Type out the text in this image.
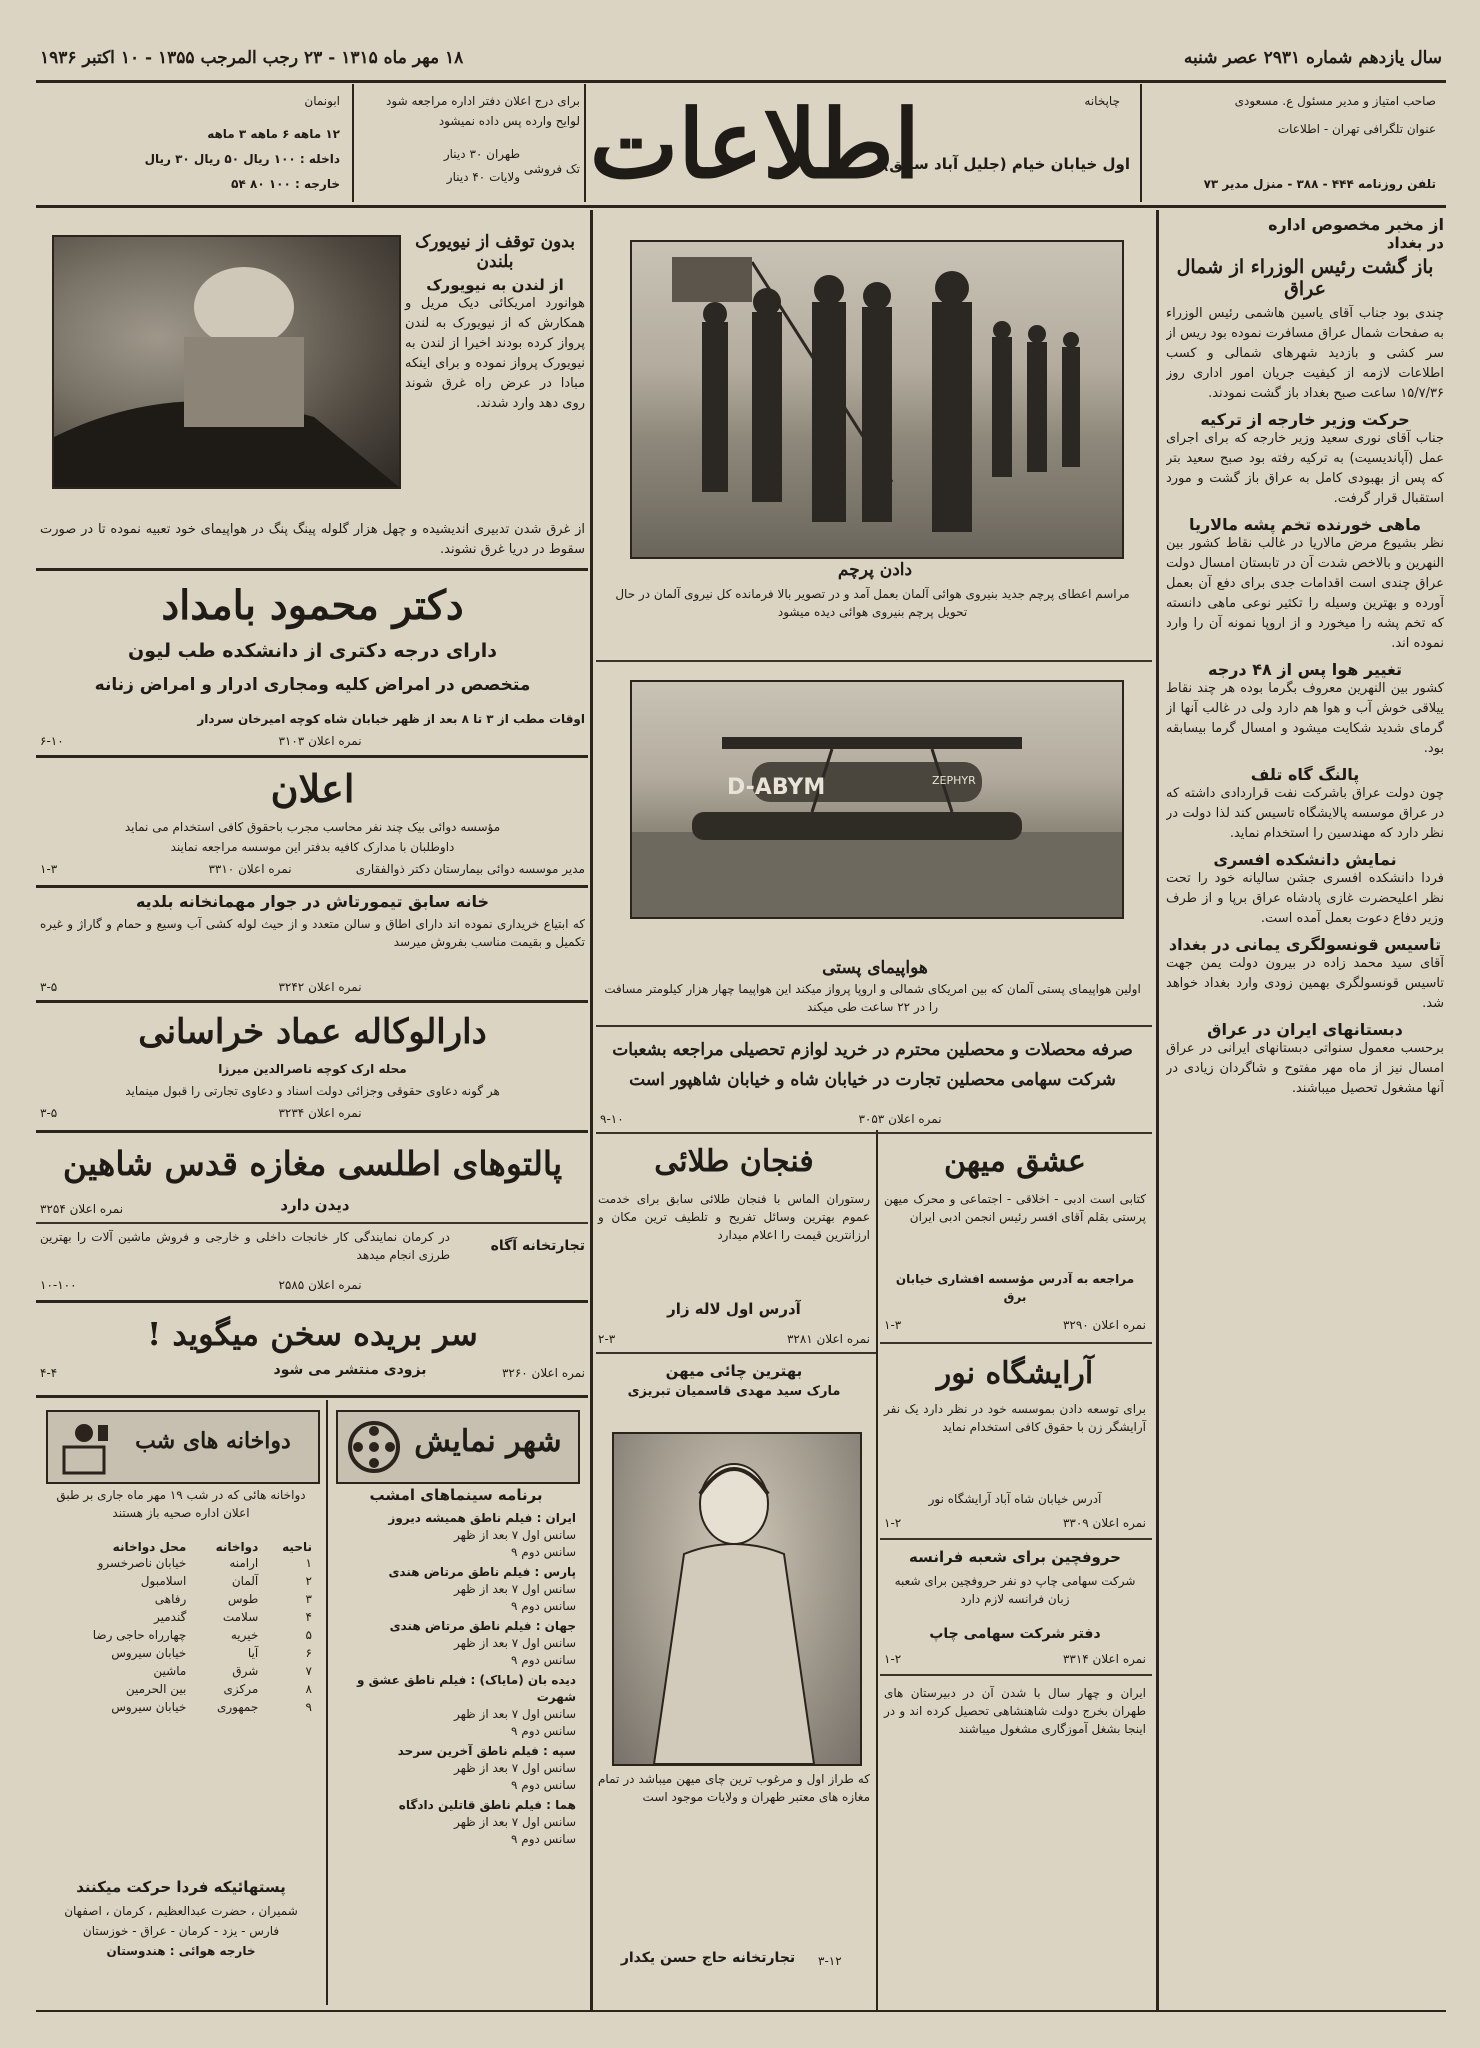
۱۸ مهر ماه ۱۳۱۵ - ۲۳ رجب المرجب ۱۳۵۵ - ۱۰ اکتبر ۱۹۳۶	سال یازدهم شماره ۲۹۳۱ عصر شنبه
صاحب امتیاز و مدیر مسئول ع. مسعودی
عنوان تلگرافی تهران - اطلاعات
تلفن روزنامه ۴۴۴ - ۳۸۸ - منزل مدیر ۷۳
چاپخانه
اطلاعات
اول خیابان خیام (جلیل آباد سابق)
برای درج اعلان دفتر اداره مراجعه شود
لوایح وارده پس داده نمیشود
تک فروشی
طهران ۳۰ دینار
ولایات ۴۰ دینار
ابونمان
۱۲ ماهه ۶ ماهه ۳ ماهه
داخله : ۱۰۰ ریال ۵۰ ریال ۳۰ ریال
خارجه : ۱۰۰ ۸۰ ۵۴
از مخبر مخصوص اداره
در بغداد
باز گشت رئیس الوزراء از شمال عراق
چندی بود جناب آقای یاسین هاشمی رئیس الوزراء به صفحات شمال عراق مسافرت نموده بود ریس از سر کشی و بازدید شهرهای شمالی و کسب اطلاعات لازمه از کیفیت جریان امور اداری روز ۱۵/۷/۳۶ ساعت صبح بغداد باز گشت نمودند.
حرکت وزیر خارجه از ترکیه
جناب آقای نوری سعید وزیر خارجه که برای اجرای عمل (آپاندیسیت) به ترکیه رفته بود صبح سعید بتر که پس از بهبودی کامل به عراق باز گشت و مورد استقبال قرار گرفت.
ماهی خورنده تخم پشه مالاریا
نظر بشیوع مرض مالاریا در غالب نقاط کشور بین النهرین و بالاخص شدت آن در تابستان امسال دولت عراق چندی است اقدامات جدی برای دفع آن بعمل آورده و بهترین وسیله را تکثیر نوعی ماهی دانسته که تخم پشه را میخورد و از اروپا نمونه آن را وارد نموده اند.
تغییر هوا پس از ۴۸ درجه
کشور بین النهرین معروف بگرما بوده هر چند نقاط ییلاقی خوش آب و هوا هم دارد ولی در غالب آنها از گرمای شدید شکایت میشود و امسال گرما بیسابقه بود.
پالنگ گاه تلف
چون دولت عراق باشرکت نفت قراردادی داشته که در عراق موسسه پالایشگاه تاسیس کند لذا دولت در نظر دارد که مهندسین را استخدام نماید.
نمایش دانشکده افسری
فردا دانشکده افسری جشن سالیانه خود را تحت نظر اعلیحضرت غازی پادشاه عراق برپا و از طرف وزیر دفاع دعوت بعمل آمده است.
تاسیس قونسولگری یمانی در بغداد
آقای سید محمد زاده در بیرون دولت یمن جهت تاسیس قونسولگری بهمین زودی وارد بغداد خواهد شد.
دبستانهای ایران در عراق
برحسب معمول سنواتی دبستانهای ایرانی در عراق امسال نیز از ماه مهر مفتوح و شاگردان زیادی در آنها مشغول تحصیل میباشند.
دادن پرچم
مراسم اعطای پرچم جدید بنیروی هوائی آلمان بعمل آمد و در تصویر بالا فرمانده کل نیروی آلمان در حال تحویل پرچم بنیروی هوائی دیده میشود
D-ABYM	ZEPHYR
هواپیمای پستی
اولین هواپیمای پستی آلمان که بین امریکای شمالی و اروپا پرواز میکند این هواپیما چهار هزار کیلومتر مسافت را در ۲۲ ساعت طی میکند
صرفه محصلات و محصلین محترم در خرید لوازم تحصیلی مراجعه بشعبات شرکت سهامی محصلین تجارت در خیابان شاه و خیابان شاهپور است
نمره اعلان ۳۰۵۳
۹-۱۰
بدون توقف از نیویورک بلندن
از لندن به نیویورک
هوانورد امریکائی دیک مریل و همکارش که از نیویورک به لندن پرواز کرده بودند اخیرا از لندن به نیویورک پرواز نموده و برای اینکه مبادا در عرض راه غرق شوند روی دهد وارد شدند.
از غرق شدن تدبیری اندیشیده و چهل هزار گلوله پینگ پنگ در هواپیمای خود تعبیه نموده تا در صورت سقوط در دریا غرق نشوند.
دکتر محمود بامداد
دارای درجه دکتری از دانشکده طب لیون
متخصص در امراض کلیه ومجاری ادرار و امراض زنانه
اوقات مطب از ۳ تا ۸ بعد از ظهر خیابان شاه کوچه امیرخان سردار
نمره اعلان ۳۱۰۳
۶-۱۰
اعلان
مؤسسه دوائی بیک چند نفر محاسب مجرب باحقوق کافی استخدام می نماید
داوطلبان با مدارک کافیه بدفتر این موسسه مراجعه نمایند
مدیر موسسه دوائی بیمارستان دکتر ذوالفقاری
نمره اعلان ۳۳۱۰
۱-۳
خانه سابق تیمورتاش در جوار مهمانخانه بلدیه
که ابتیاع خریداری نموده اند دارای اطاق و سالن متعدد و از حیث لوله کشی آب وسیع و حمام و گاراژ و غیره تکمیل و بقیمت مناسب بفروش میرسد
نمره اعلان ۳۲۴۲
۳-۵
دارالوکاله عماد خراسانی
محله ارک کوچه ناصرالدین میرزا
هر گونه دعاوی حقوقی وجزائی دولت اسناد و دعاوی تجارتی را قبول مینماید
نمره اعلان ۳۲۳۴
۳-۵
پالتوهای اطلسی مغازه قدس شاهین
دیدن دارد
نمره اعلان ۳۲۵۴
تجارتخانه آگاه
در کرمان نمایندگی کار خانجات داخلی و خارجی و فروش ماشین آلات را بهترین طرزی انجام میدهد
نمره اعلان ۲۵۸۵
۱۰-۱۰۰
سر بریده سخن میگوید !
بزودی منتشر می شود	نمره اعلان ۳۲۶۰
۴-۴
شهر نمایش
برنامه سینماهای امشب
ایران : فیلم ناطق همیشه دیروز
سانس اول ۷ بعد از ظهر
سانس دوم ۹
پارس : فیلم ناطق مرتاض هندی
سانس اول ۷ بعد از ظهر
سانس دوم ۹
جهان : فیلم ناطق مرتاض هندی
سانس اول ۷ بعد از ظهر
سانس دوم ۹
دیده بان (مایاک) : فیلم ناطق عشق و شهرت
سانس اول ۷ بعد از ظهر
سانس دوم ۹
سپه : فیلم ناطق آخرین سرحد
سانس اول ۷ بعد از ظهر
سانس دوم ۹
هما : فیلم ناطق قاتلین دادگاه
سانس اول ۷ بعد از ظهر
سانس دوم ۹
دواخانه های شب
دواخانه هائی که در شب ۱۹ مهر ماه جاری بر طبق اعلان اداره صحیه باز هستند
ناحیه	دواخانه	محل دواخانه
۱	ارامنه	خیابان ناصرخسرو
۲	آلمان	اسلامبول
۳	طوس	رفاهی
۴	سلامت	گندمیر
۵	خیریه	چهارراه حاجی رضا
۶	آیا	خیابان سیروس
۷	شرق	ماشین
۸	مرکزی	بین الحرمین
۹	جمهوری	خیابان سیروس
پستهائیکه فردا حرکت میکنند
شمیران ، حضرت عبدالعظیم ، کرمان ، اصفهان
فارس - یزد - کرمان - عراق - خوزستان
خارجه هوائی : هندوستان
عشق میهن
کتابی است ادبی - اخلاقی - اجتماعی و محرک میهن پرستی بقلم آقای افسر رئیس انجمن ادبی ایران
مراجعه به آدرس مؤسسه افشاری خیابان برق
نمره اعلان ۳۲۹۰
۱-۳
آرایشگاه نور
برای توسعه دادن بموسسه خود در نظر دارد یک نفر آرایشگر زن با حقوق کافی استخدام نماید
آدرس خیابان شاه آباد آرایشگاه نور
نمره اعلان ۳۳۰۹
۱-۲
حروفچین برای شعبه فرانسه
شرکت سهامی چاپ دو نفر حروفچین برای شعبه زبان فرانسه لازم دارد
دفتر شرکت سهامی چاپ
نمره اعلان ۳۳۱۴
۱-۲
ایران و چهار سال با شدن آن در دبیرستان های طهران بخرج دولت شاهنشاهی تحصیل کرده اند و در اینجا بشغل آموزگاری مشغول میباشند
فنجان طلائی
رستوران الماس با فنجان طلائی سابق برای خدمت عموم بهترین وسائل تفریح و تلطیف ترین مکان و ارزانترین قیمت را اعلام میدارد
آدرس اول لاله زار
نمره اعلان ۳۲۸۱
۲-۳
بهترین چائی میهن
مارک سید مهدی قاسمیان تبریزی
که طراز اول و مرغوب ترین چای میهن میباشد در تمام مغازه های معتبر طهران و ولایات موجود است
تجارتخانه حاج حسن یکدار	۳-۱۲
